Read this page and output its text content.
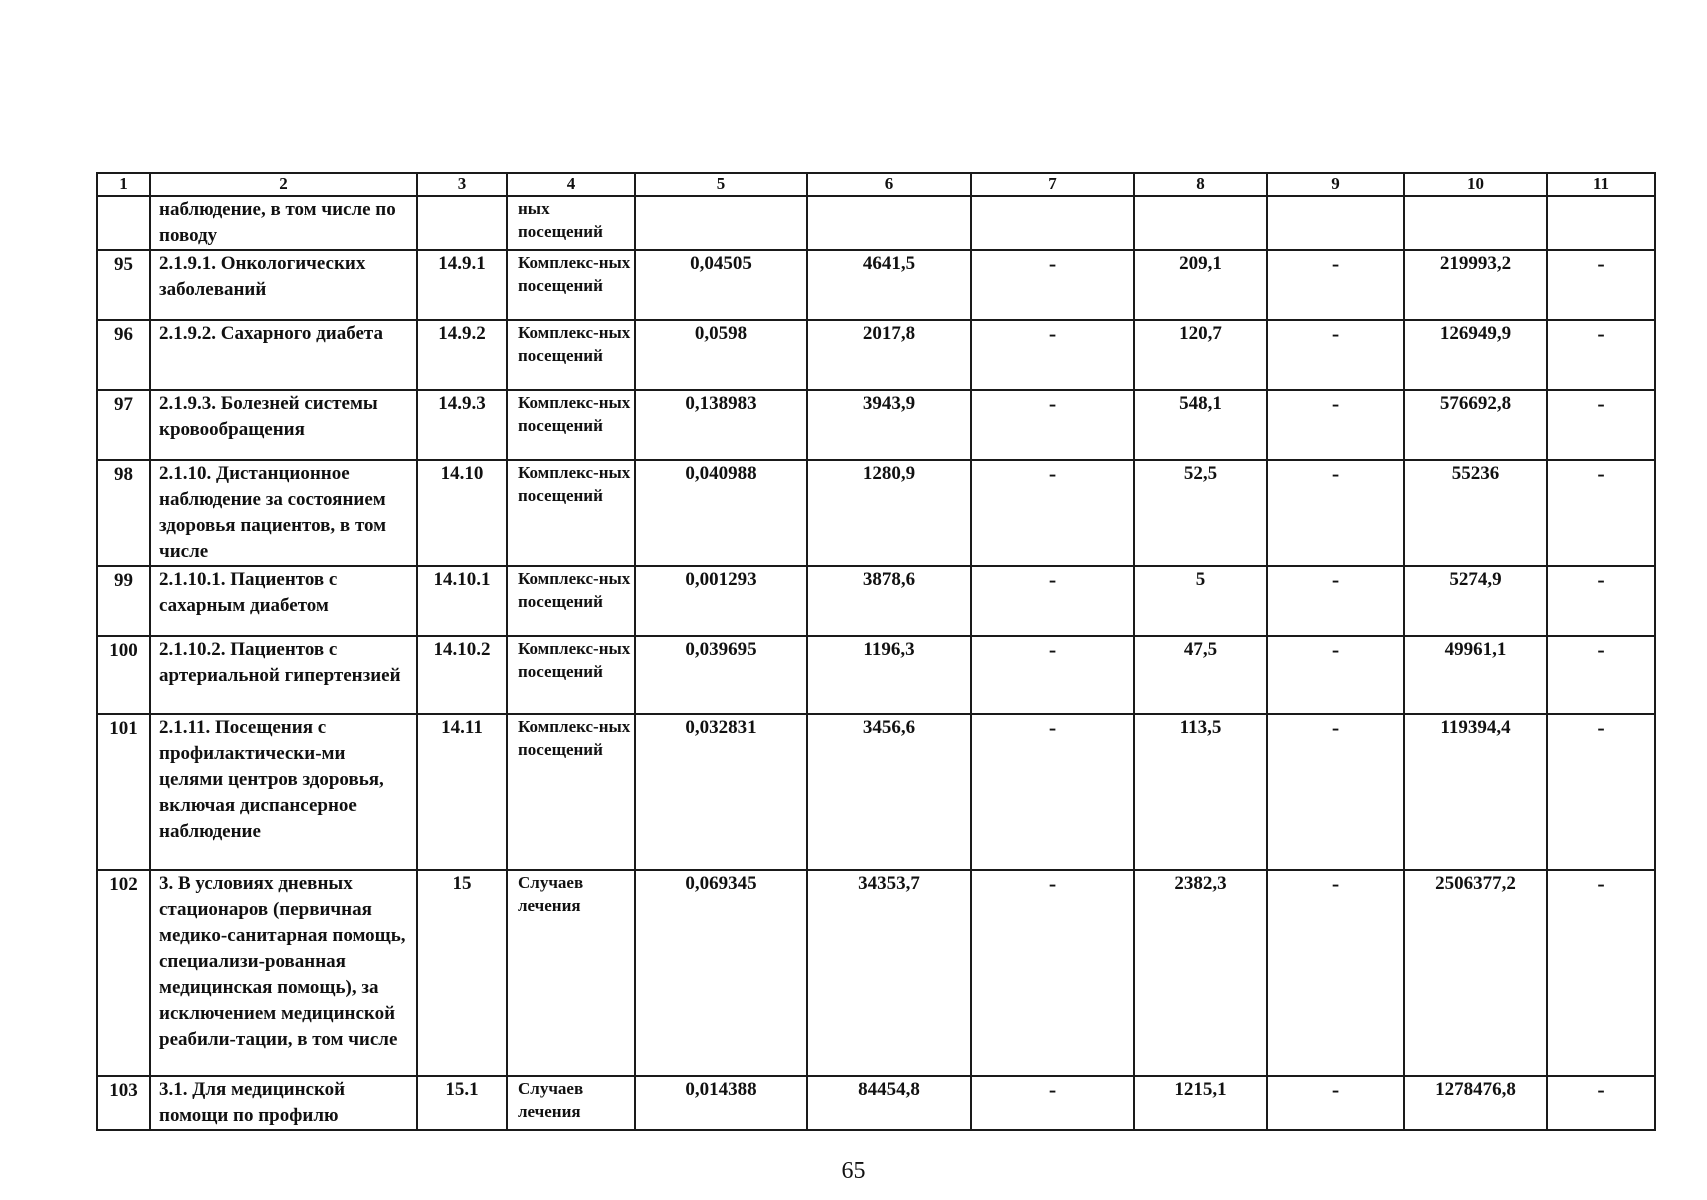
1	2	3	4	5	6	7	8	9	10	11
	наблюдение, в том числе по поводу		ных посещений							
95	2.1.9.1. Онкологических заболеваний	14.9.1	Комплекс-ных посещений	0,04505	4641,5	-	209,1	-	219993,2	-
96	2.1.9.2. Сахарного диабета	14.9.2	Комплекс-ных посещений	0,0598	2017,8	-	120,7	-	126949,9	-
97	2.1.9.3. Болезней системы кровообращения	14.9.3	Комплекс-ных посещений	0,138983	3943,9	-	548,1	-	576692,8	-
98	2.1.10. Дистанционное наблюдение за состоянием здоровья пациентов, в том числе	14.10	Комплекс-ных посещений	0,040988	1280,9	-	52,5	-	55236	-
99	2.1.10.1. Пациентов с сахарным диабетом	14.10.1	Комплекс-ных посещений	0,001293	3878,6	-	5	-	5274,9	-
100	2.1.10.2. Пациентов с артериальной гипертензией	14.10.2	Комплекс-ных посещений	0,039695	1196,3	-	47,5	-	49961,1	-
101	2.1.11. Посещения с профилактически-ми целями центров здоровья, включая диспансерное наблюдение	14.11	Комплекс-ных посещений	0,032831	3456,6	-	113,5	-	119394,4	-
102	3. В условиях дневных стационаров (первичная медико-санитарная помощь, специализи-рованная медицинская помощь), за исключением медицинской реабили-тации, в том числе	15	Случаев лечения	0,069345	34353,7	-	2382,3	-	2506377,2	-
103	3.1. Для медицинской помощи по профилю	15.1	Случаев лечения	0,014388	84454,8	-	1215,1	-	1278476,8	-
65
